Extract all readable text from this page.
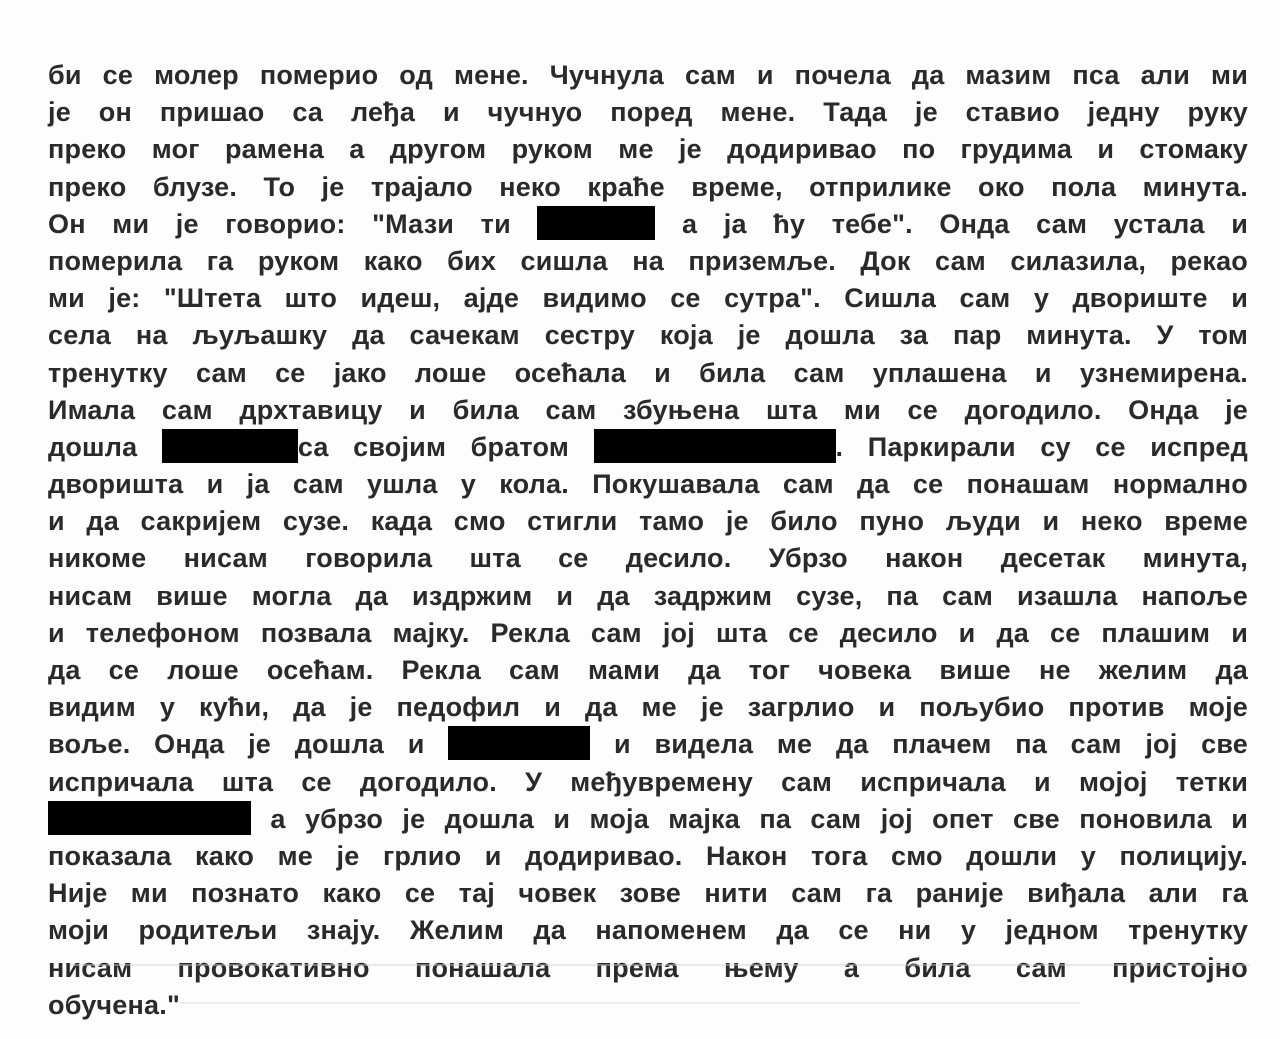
би се молер померио од мене. Чучнула сам и почела да мазим пса али ми
је он пришао са леђа и чучнуо поред мене. Тада је ставио једну руку
преко мог рамена а другом руком ме је додиривао по грудима и стомаку
преко блузе. То је трајало неко краће време, отприлике око пола минута.
Он ми је говорио: "Мази ти	а ја ћу тебе". Онда сам устала и
померила га руком како бих сишла на приземље. Док сам силазила, рекао
ми је: "Штета што идеш, ајде видимо се сутра". Сишла сам у двориште и
села на љуљашку да сачекам сестру која је дошла за пар минута. У том
тренутку сам се јако лоше осећала и била сам уплашена и узнемирена.
Имала сам дрхтавицу и била сам збуњена шта ми се догодило. Онда је
дошла	са својим братом	. Паркирали су се испред
дворишта и ја сам ушла у кола. Покушавала сам да се понашам нормално
и да сакријем сузе. када смо стигли тамо је било пуно људи и неко време
никоме нисам говорила шта се десило. Убрзо након десетак минута,
нисам више могла да издржим и да задржим сузе, па сам изашла напоље
и телефоном позвала мајку. Рекла сам јој шта се десило и да се плашим и
да се лоше осећам. Рекла сам мами да тог човека више не желим да
видим у кући, да је педофил и да ме је загрлио и пољубио против моје
воље. Онда је дошла и	и видела ме да плачем па сам јој све
испричала шта се догодило. У међувремену сам испричала и мојој тетки
а убрзо је дошла и моја мајка па сам јој опет све поновила и
показала како ме је грлио и додиривао. Након тога смо дошли у полицију.
Није ми познато како се тај човек зове нити сам га раније виђала али га
моји родитељи знају. Желим да напоменем да се ни у једном тренутку
нисам провокативно понашала према њему а била сам пристојно
обучена."
